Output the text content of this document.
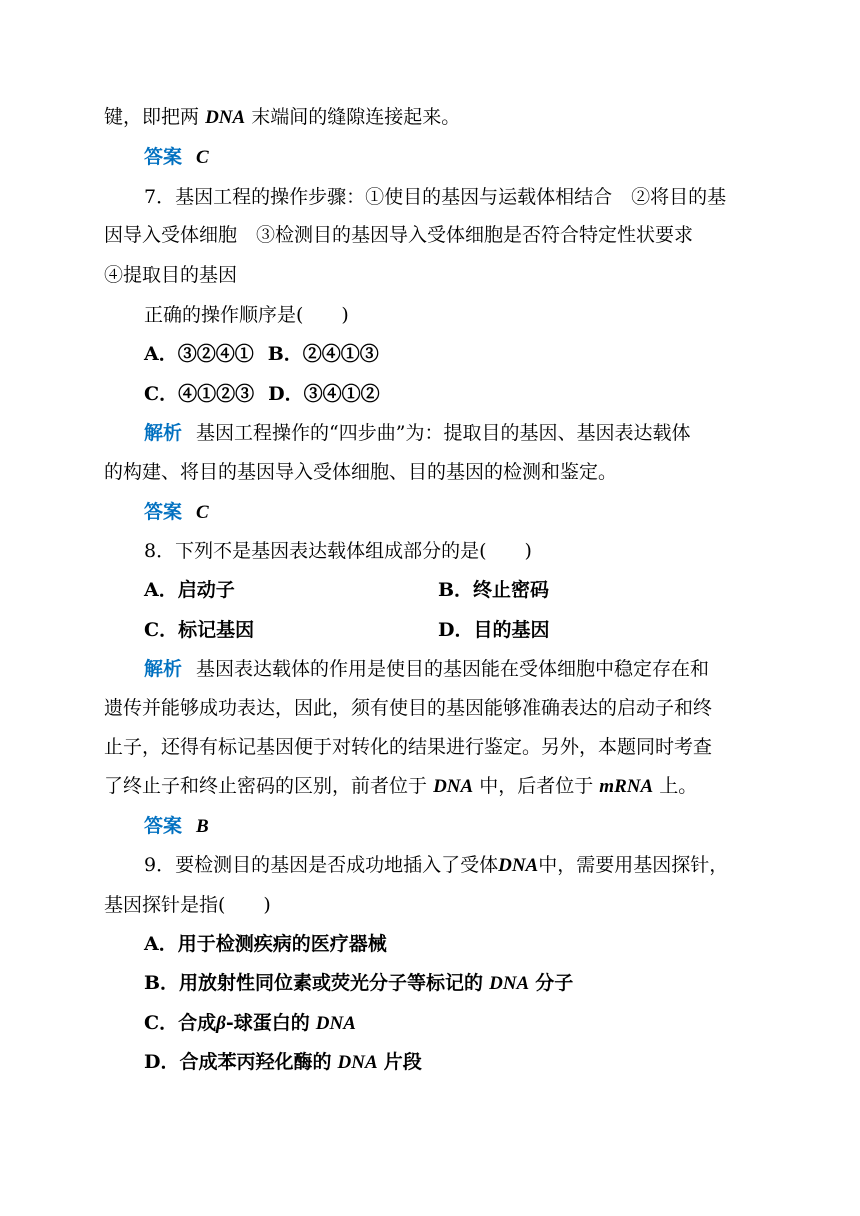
键，即把两 DNA 末端间的缝隙连接起来。
答案 C
7．基因工程的操作步骤：①使目的基因与运载体相结合　②将目的基
因导入受体细胞　③检测目的基因导入受体细胞是否符合特定性状要求
④提取目的基因
正确的操作顺序是(　　)
A．③②④① B．②④①③
C．④①②③ D．③④①②
解析 基因工程操作的“四步曲”为：提取目的基因、基因表达载体
的构建、将目的基因导入受体细胞、目的基因的检测和鉴定。
答案 C
8．下列不是基因表达载体组成部分的是(　　)
A．启动子	B．终止密码
C．标记基因	D．目的基因
解析 基因表达载体的作用是使目的基因能在受体细胞中稳定存在和
遗传并能够成功表达，因此，须有使目的基因能够准确表达的启动子和终
止子，还得有标记基因便于对转化的结果进行鉴定。另外，本题同时考查
了终止子和终止密码的区别，前者位于 DNA 中，后者位于 mRNA 上。
答案 B
9．要检测目的基因是否成功地插入了受体DNA中，需要用基因探针，
基因探针是指(　　)
A．用于检测疾病的医疗器械
B．用放射性同位素或荧光分子等标记的 DNA 分子
C．合成β-球蛋白的 DNA
D．合成苯丙羟化酶的 DNA 片段
